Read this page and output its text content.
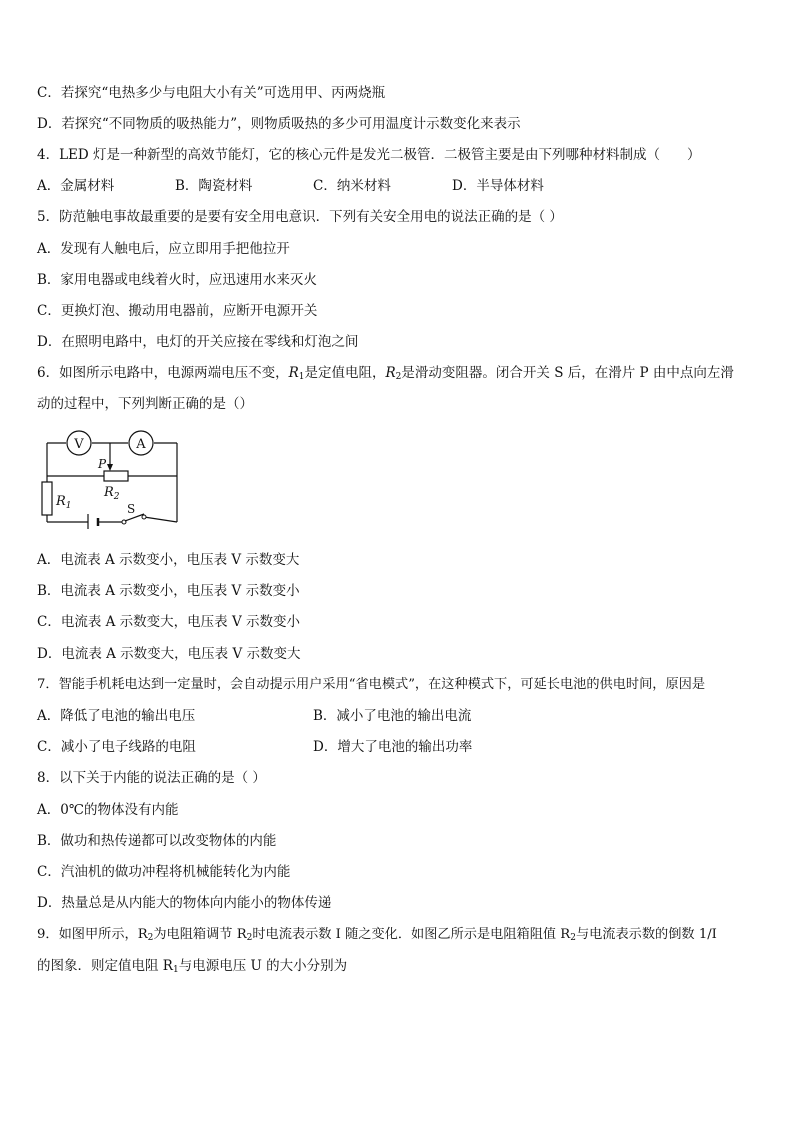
C．若探究“电热多少与电阻大小有关”可选用甲、丙两烧瓶
D．若探究“不同物质的吸热能力”，则物质吸热的多少可用温度计示数变化来表示
4．LED 灯是一种新型的高效节能灯，它的核心元件是发光二极管．二极管主要是由下列哪种材料制成（　　）
A．金属材料	B．陶瓷材料	C．纳米材料	D．半导体材料
5．防范触电事故最重要的是要有安全用电意识．下列有关安全用电的说法正确的是（ ）
A．发现有人触电后，应立即用手把他拉开
B．家用电器或电线着火时，应迅速用水来灭火
C．更换灯泡、搬动用电器前，应断开电源开关
D．在照明电路中，电灯的开关应接在零线和灯泡之间
6．如图所示电路中，电源两端电压不变，$R_1$是定值电阻，$R_2$是滑动变阻器。闭合开关 S 后，在滑片 P 由中点向左滑
动的过程中，下列判断正确的是（）
V	A
P
$R_2$
$R_1$	S
A．电流表 A 示数变小，电压表 V 示数变大
B．电流表 A 示数变小，电压表 V 示数变小
C．电流表 A 示数变大，电压表 V 示数变小
D．电流表 A 示数变大，电压表 V 示数变大
7．智能手机耗电达到一定量时，会自动提示用户采用“省电模式”，在这种模式下，可延长电池的供电时间，原因是
A．降低了电池的输出电压	B．减小了电池的输出电流
C．减小了电子线路的电阻	D．增大了电池的输出功率
8．以下关于内能的说法正确的是（ ）
A．0℃的物体没有内能
B．做功和热传递都可以改变物体的内能
C．汽油机的做功冲程将机械能转化为内能
D．热量总是从内能大的物体向内能小的物体传递
9．如图甲所示，$R_2$为电阻箱调节 $R_2$时电流表示数 I 随之变化．如图乙所示是电阻箱阻值 $R_2$与电流表示数的倒数 1/I
的图象．则定值电阻 $R_1$与电源电压 U 的大小分别为
